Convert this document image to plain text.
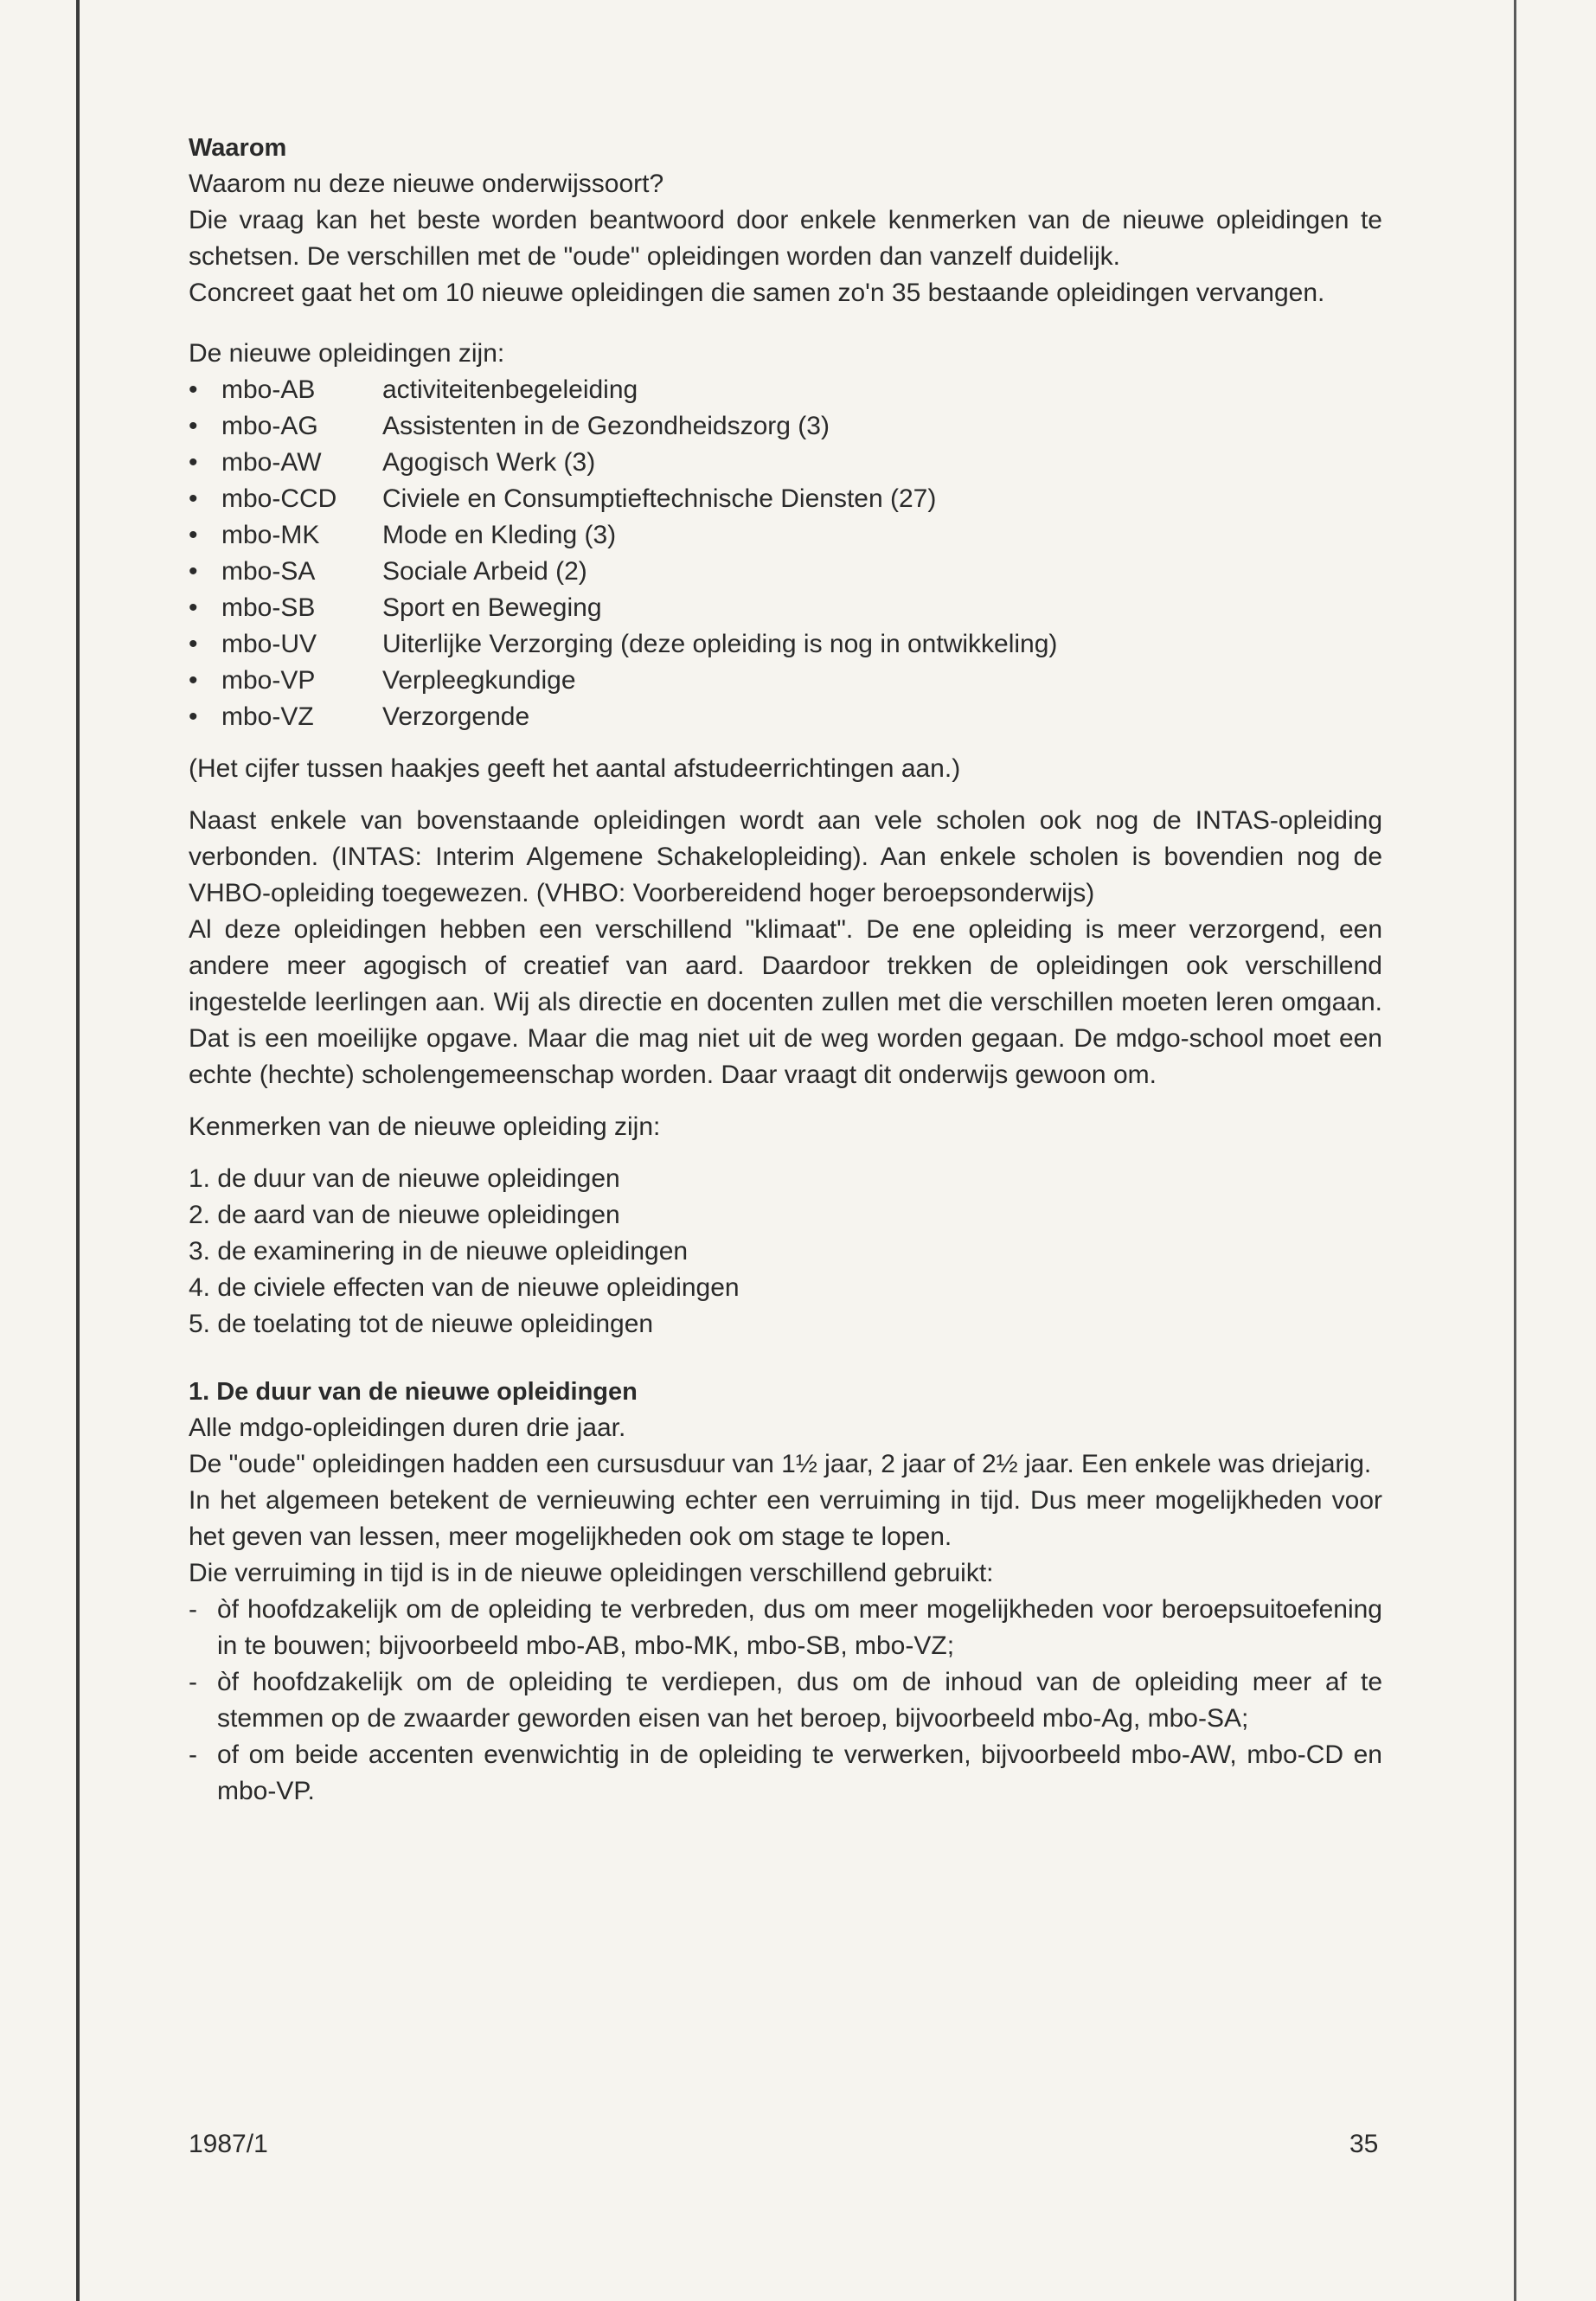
Waarom

Waarom nu deze nieuwe onderwijssoort?

Die vraag kan het beste worden beantwoord door enkele kenmerken van de nieuwe opleidingen te schetsen. De verschillen met de "oude" opleidingen worden dan vanzelf duidelijk.

Concreet gaat het om 10 nieuwe opleidingen die samen zo'n 35 bestaande opleidingen vervangen.

De nieuwe opleidingen zijn:

• mbo-AB	activiteitenbegeleiding
• mbo-AG	Assistenten in de Gezondheidszorg (3)
• mbo-AW	Agogisch Werk (3)
• mbo-CCD	Civiele en Consumptieftechnische Diensten (27)
• mbo-MK	Mode en Kleding (3)
• mbo-SA	Sociale Arbeid (2)
• mbo-SB	Sport en Beweging
• mbo-UV	Uiterlijke Verzorging (deze opleiding is nog in ontwikkeling)
• mbo-VP	Verpleegkundige
• mbo-VZ	Verzorgende

(Het cijfer tussen haakjes geeft het aantal afstudeerrichtingen aan.)

Naast enkele van bovenstaande opleidingen wordt aan vele scholen ook nog de INTAS-opleiding verbonden. (INTAS: Interim Algemene Schakelopleiding). Aan enkele scholen is bovendien nog de VHBO-opleiding toegewezen. (VHBO: Voorbereidend hoger beroepsonderwijs)

Al deze opleidingen hebben een verschillend "klimaat". De ene opleiding is meer verzorgend, een andere meer agogisch of creatief van aard. Daardoor trekken de opleidingen ook verschillend ingestelde leerlingen aan. Wij als directie en docenten zullen met die verschillen moeten leren omgaan. Dat is een moeilijke opgave. Maar die mag niet uit de weg worden gegaan. De mdgo-school moet een echte (hechte) scholengemeenschap worden. Daar vraagt dit onderwijs gewoon om.

Kenmerken van de nieuwe opleiding zijn:

1. de duur van de nieuwe opleidingen
2. de aard van de nieuwe opleidingen
3. de examinering in de nieuwe opleidingen
4. de civiele effecten van de nieuwe opleidingen
5. de toelating tot de nieuwe opleidingen

1. De duur van de nieuwe opleidingen

Alle mdgo-opleidingen duren drie jaar.

De "oude" opleidingen hadden een cursusduur van 1½ jaar, 2 jaar of 2½ jaar. Een enkele was driejarig.

In het algemeen betekent de vernieuwing echter een verruiming in tijd. Dus meer mogelijkheden voor het geven van lessen, meer mogelijkheden ook om stage te lopen.

Die verruiming in tijd is in de nieuwe opleidingen verschillend gebruikt:

- òf hoofdzakelijk om de opleiding te verbreden, dus om meer mogelijkheden voor beroepsuitoefening in te bouwen; bijvoorbeeld mbo-AB, mbo-MK, mbo-SB, mbo-VZ;
- òf hoofdzakelijk om de opleiding te verdiepen, dus om de inhoud van de opleiding meer af te stemmen op de zwaarder geworden eisen van het beroep, bijvoorbeeld mbo-Ag, mbo-SA;
- of om beide accenten evenwichtig in de opleiding te verwerken, bijvoorbeeld mbo-AW, mbo-CD en mbo-VP.
1987/1	35
